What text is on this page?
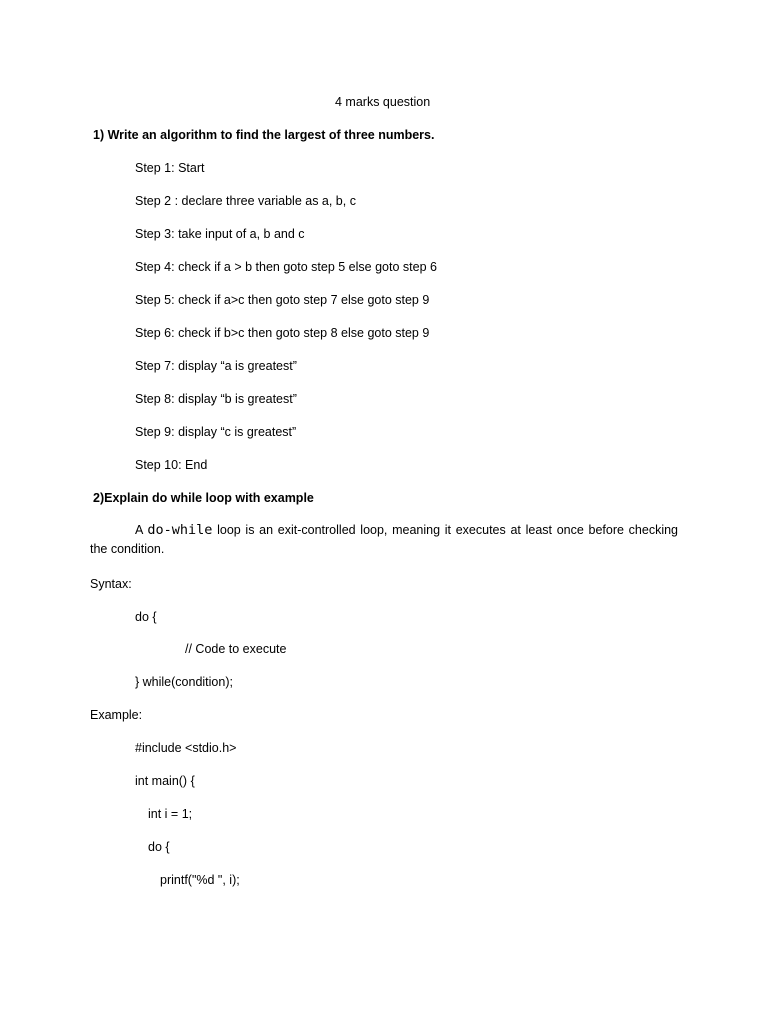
4 marks question
1) Write an algorithm to find the largest of three numbers.
Step 1: Start
Step 2 : declare three variable as a, b, c
Step 3: take input of a, b and c
Step 4: check if a > b then goto step 5 else goto step 6
Step 5: check if a>c then goto step 7 else goto step 9
Step 6: check if b>c then goto step 8 else goto step 9
Step 7: display “a is greatest”
Step 8: display “b is greatest”
Step 9: display “c is greatest”
Step 10: End
2)Explain do while loop with example
A do-while loop is an exit-controlled loop, meaning it executes at least once before checking the condition.
Syntax:
do {
// Code to execute
} while(condition);
Example:
#include <stdio.h>
int main() {
int i = 1;
do {
printf("%d ", i);
